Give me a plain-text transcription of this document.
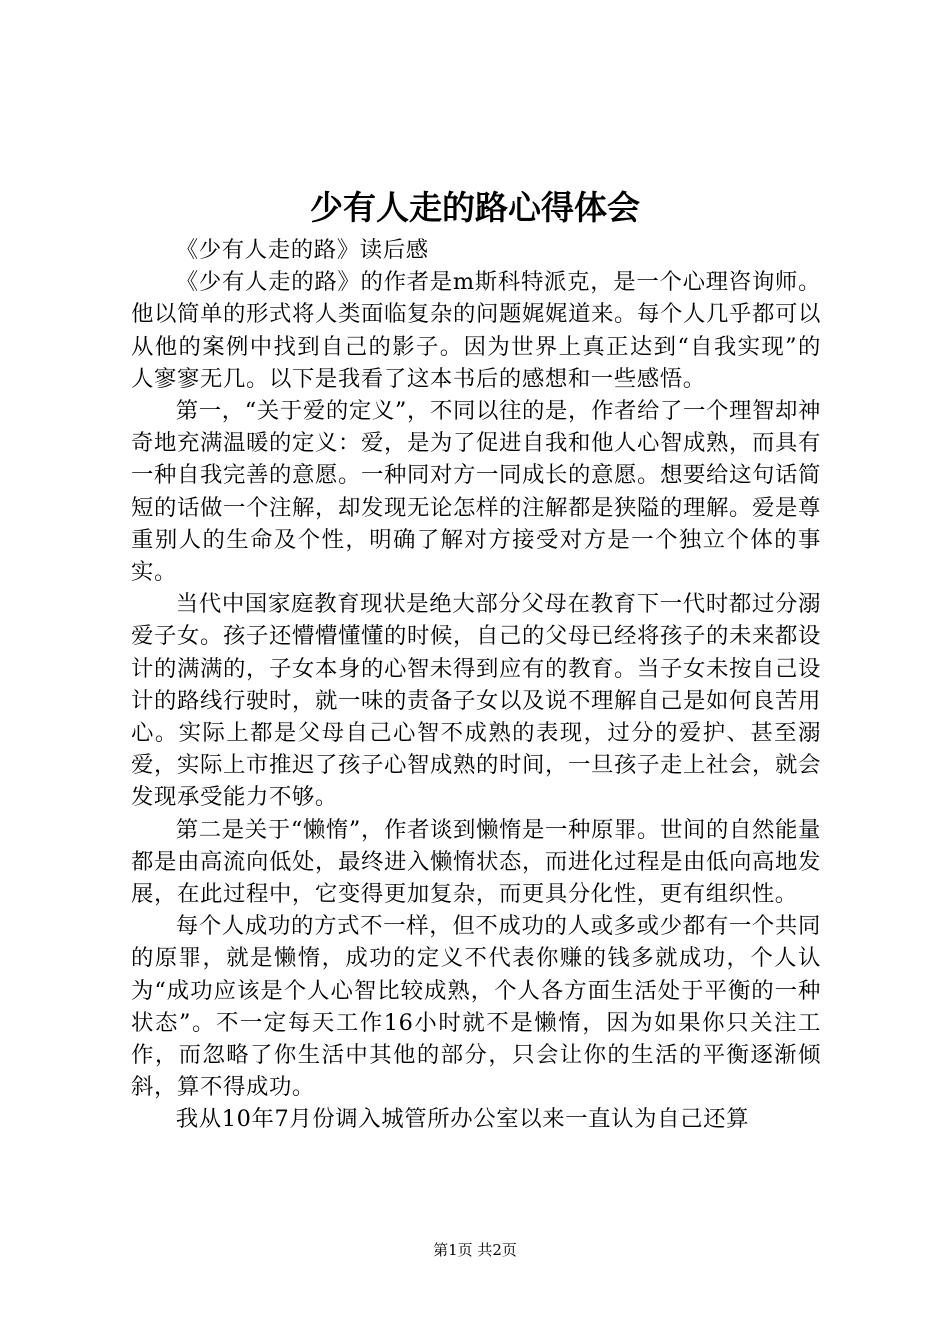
少有人走的路心得体会

《少有人走的路》读后感

《少有人走的路》的作者是m斯科特派克，是一个心理咨询师。他以简单的形式将人类面临复杂的问题娓娓道来。每个人几乎都可以从他的案例中找到自己的影子。因为世界上真正达到“自我实现”的人寥寥无几。以下是我看了这本书后的感想和一些感悟。

第一，“关于爱的定义”，不同以往的是，作者给了一个理智却神奇地充满温暖的定义：爱，是为了促进自我和他人心智成熟，而具有一种自我完善的意愿。一种同对方一同成长的意愿。想要给这句话简短的话做一个注解，却发现无论怎样的注解都是狭隘的理解。爱是尊重别人的生命及个性，明确了解对方接受对方是一个独立个体的事实。

当代中国家庭教育现状是绝大部分父母在教育下一代时都过分溺爱子女。孩子还懵懵懂懂的时候，自己的父母已经将孩子的未来都设计的满满的，子女本身的心智未得到应有的教育。当子女未按自己设计的路线行驶时，就一味的责备子女以及说不理解自己是如何良苦用心。实际上都是父母自己心智不成熟的表现，过分的爱护、甚至溺爱，实际上市推迟了孩子心智成熟的时间，一旦孩子走上社会，就会发现承受能力不够。

第二是关于“懒惰”，作者谈到懒惰是一种原罪。世间的自然能量都是由高流向低处，最终进入懒惰状态，而进化过程是由低向高地发展，在此过程中，它变得更加复杂，而更具分化性，更有组织性。

每个人成功的方式不一样，但不成功的人或多或少都有一个共同的原罪，就是懒惰，成功的定义不代表你赚的钱多就成功，个人认为“成功应该是个人心智比较成熟，个人各方面生活处于平衡的一种状态”。不一定每天工作16小时就不是懒惰，因为如果你只关注工作，而忽略了你生活中其他的部分，只会让你的生活的平衡逐渐倾斜，算不得成功。

我从10年7月份调入城管所办公室以来一直认为自己还算

第1页 共2页
